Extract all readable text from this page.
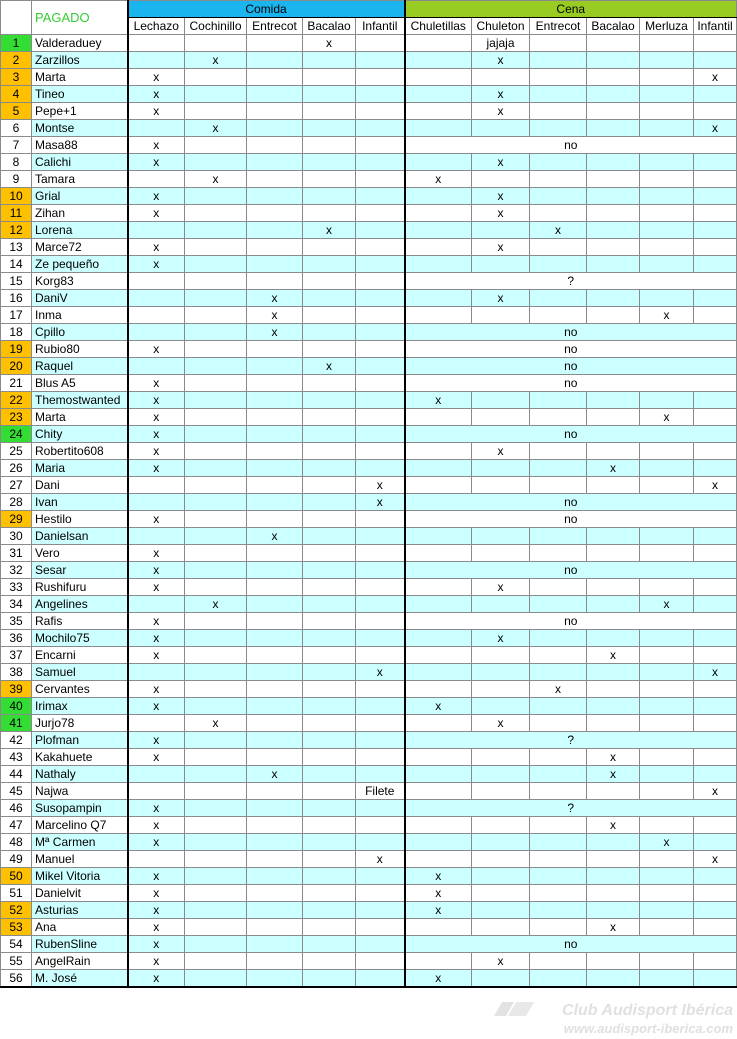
	PAGADO	Comida					Cena					
		Lechazo	Cochinillo	Entrecot	Bacalao	Infantil	Chuletillas	Chuleton	Entrecot	Bacalao	Merluza	Infantil
1	Valderaduey				x			jajaja				
2	Zarzillos		x					x				
3	Marta	x										x
4	Tineo	x						x				
5	Pepe+1	x						x				
6	Montse		x									x
7	Masa88	x					no					
8	Calichi	x						x				
9	Tamara		x				x					
10	Grial	x						x				
11	Zihan	x						x				
12	Lorena				x				x			
13	Marce72	x						x				
14	Ze pequeño	x										
15	Korg83						?					
16	DaniV			x				x				
17	Inma			x							x	
18	Cpillo			x			no					
19	Rubio80	x					no					
20	Raquel				x		no					
21	Blus A5	x					no					
22	Themostwanted	x					x					
23	Marta	x									x	
24	Chity	x					no					
25	Robertito608	x						x				
26	Maria	x								x		
27	Dani					x						x
28	Ivan					x	no					
29	Hestilo	x					no					
30	Danielsan			x								
31	Vero	x										
32	Sesar	x					no					
33	Rushifuru	x						x				
34	Angelines		x								x	
35	Rafis	x					no					
36	Mochilo75	x						x				
37	Encarni	x								x		
38	Samuel					x						x
39	Cervantes	x							x			
40	Irimax	x					x					
41	Jurjo78		x					x				
42	Plofman	x					?					
43	Kakahuete	x								x		
44	Nathaly			x						x		
45	Najwa					Filete						x
46	Susopampin	x					?					
47	Marcelino Q7	x								x		
48	Mª Carmen	x									x	
49	Manuel					x						x
50	Mikel Vitoria	x					x					
51	Danielvit	x					x					
52	Asturias	x					x					
53	Ana	x								x		
54	RubenSline	x					no					
55	AngelRain	x						x				
56	M. José	x					x					
Club Audisport Ibérica
www.audisport-iberica.com
